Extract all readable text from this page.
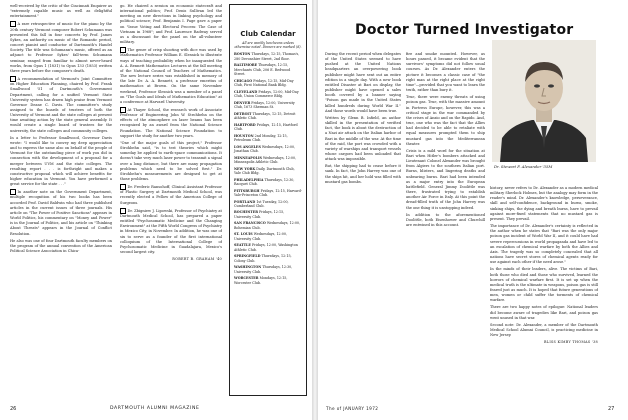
well-received by the critic of the Cincinnati Enquirer as "extremely capable music as well as delightful entertainment."

A rare retrospective of music for the piano by the 20th century Vermont composer Robert Schumann was presented this fall in four concerts by Prof. James Sykes, an authority on music of the Romantic period, concert pianist and conductor of Dartmouth's Handel Society. The title was Schumann's music, offered as an adjunct to Professor Sykes' fall-term Schumann seminar, ranged from familiar to almost never-heard works, from Opus 1 (1831) to Opus 133 (1853) written three years before the composer's death.

A recommendation of Vermont's Joint Committee on Higher Education Planning, chaired by Prof. Frank Smallwood '51 of Dartmouth's Government Department, calling for a unified Vermont State University system has drawn high praise from Vermont Governor Deane C. Davis. The committee's study assigned to the boards of trustees of both the University of Vermont and the state colleges at present time awaiting action by the state general assembly. It would create a single board of trustees for the university, the state colleges and community colleges.

In a letter to Professor Smallwood, Governor Davis wrote: "I would like to convey my deep appreciation and to express the same also on behalf of the people of Vermont for the outstanding piece of work you did in connection with the development of a proposal for a merger between UVM and the state colleges. The resulting report . . . is forthright and makes a constructive proposal which will achieve benefits for higher education in Vermont. You have performed a great service for the state . . ."

In another note on the Government Department, multiple recognition of his two books has been accorded Prof. David Baldwin who had three published articles in the current issues of three journals. His article on "The Power of Positive Sanctions" appears in World Politics, his commentary on "Money and Power" is in the Journal of Politics, and his article on "Thinking About Threats" appears in the Journal of Conflict Resolution.

He also was one of four Dartmouth faculty members on the program of the annual convention of the American Political Science Association in Chica-

go. He chaired a session on economic statecraft and international politics; Prof. Denis Sullivan led the meeting on new directions in linking psychology and political science; Prof. Benjamin I. Page gave a paper on "Issue Voting and Electoral Process: The Case of Vietnam in 1968"; and Prof. Laurence Radway served as a discussant for the panel on the all-volunteer military.

The genre of crisp shooting with dice was used by Mathematics Professor William E. Slesnick to illustrate ways of teaching probability when he inaugurated the A. A. Bennett Mathematics Lectures at the fall meeting of the National Council of Teachers of Mathematics. The new lecture series was established in memory of the late Dr. A. A. Bennett, a professor emeritus of mathematics at Brown. On the same November weekend, Professor Slesnick was a member of a panel on "The Goals and Ideals of Mathematics Education" at a conference at Harvard University.

At Thayer School, the research work of Associate Professor of Engineering John W. Strohbehn on the effects of the atmosphere on laser beams has been recognized by an award from the National Science Foundation. The National Science Foundation to support the study for another two years.

"One of the major goals of this project," Professor Strohbehn said, "is to test theories which might someday be applied to earth-space communications. It doesn't take very much laser power to transmit a signal over a long distance, but there are many propagation problems which need to be solved first." Dr. Strohbehn's measurements are designed to get at those problems.

Dr. Frederic Ransohoff, Clinical Assistant Professor of Plastic Surgery at Dartmouth Medical School, was recently elected a Fellow of the American College of Surgeons.

Dr. Zbigniew J. Lipowski, Professor of Psychiatry at Dartmouth Medical School, has prepared a paper entitled "Psychosomatic Medicine and the Changing Environment" at the Fifth World Congress of Psychiatry in Mexico City, in November. In addition, he was one of six to serve as a founder of the first international colloquium of the International College of Psychosomatic Medicine in Guadalajara, Mexico's second largest city.

ROBERT B. GRAHAM '40

Club Calendar
All are weekly luncheons unless otherwise noted. Dinners are marked (d).
BOSTON Thursdays, 12:15, Thomas's, 280 Devonshire Street, 2nd floor.
BALTIMORE Thursdays, 12:15, Merchants Club, 206 E. Redwood Street.
CHICAGO Fridays, 12:15, Mid-Day Club, First National Bank Bldg.
CLEVELAND Fridays, 12:00, Mid-Day Club, Union Commerce Bldg.
DENVER Fridays, 12:00, University Club, 1673 Sherman St.
DETROIT Thursdays, 12:15, Detroit Athletic Club.
HARTFORD Fridays, 12:15, Hartford Club.
HOUSTON 2nd Monday, 12:15, Petroleum Club.
LOS ANGELES Wednesdays, 12:00, Jonathan Club.
MINNEAPOLIS Wednesdays, 12:00, Minneapolis Athletic Club.
NEW YORK Daily, Dartmouth Club, Yale Club Bldg.
PHILADELPHIA Thursdays, 12:30, Racquet Club.
PITTSBURGH Fridays, 12:15, Harvard-Yale-Princeton Club.
PORTLAND 1st Tuesday, 12:00, Cumberland Club.
ROCHESTER Fridays, 12:15, University Club.
SAN FRANCISCO Wednesdays, 12:00, Bohemian Club.
ST. LOUIS Wednesdays, 12:00, University Club.
SEATTLE Fridays, 12:00, Washington Athletic Club.
SPRINGFIELD Thursdays, 12:15, Colony Club.
WASHINGTON Thursdays, 12:30, University Club.
WORCESTER Mondays, 12:15, Worcester Club.
26	DARTMOUTH ALUMNI MAGAZINE
Doctor Turned Investigator

During the recent period when delegates of the United States seemed to have pushed at the United Nations headquarters an overpowering book publisher might have sent out an entire edition in a single day. With a new book entitled Disaster at Bari on display, the publisher might have opened a sales booth covered by a banner saying "Poison gas made in the United States killed hundreds during World War II." And those words would have been true.

Written by Glenn B. Infield, an author skilled in the presentation of verified fact, the book is about the destruction of a Nazi air attack on the Italian harbor of Bari in the middle of the war. At the time of the raid, the port was crowded with a variety of warships and transport vessels whose cargoes had been unloaded that attack was impossible.

But, the shipping had to cease before it sank. In fact, the John Harvey was one of the ships hit, and her hold was filled with mustard gas bombs.

fire and smoke mounted. However, as hours passed, it became evident that the survivors' symptoms did not follow usual courses. As Dr. Alexander enters the picture it becomes a classic case of "the right man at the right place at the right time"—provided that you want to learn the truth, rather than bury it.

True, there were enemy threats of using poison gas. True, with the massive amount in Fortress Europe, however, this was a critical stage in the war commanded by the crises of Anzio and on the Rapido. And, true, one who was the fact that the Allies had decided to be able to retaliate with equal measures prompted them to ship mustard gas into the Mediterranean theater.

Crisis is a mild word for the situation at Bari when Hitler's bombers attacked and Lieutenant Colonel Alexander was brought from Algiers to the southern Italian port. Burns, blisters, and lingering deaths and unbearing burns. Bari had been intended as a major entry into the European battlefield. General Jimmy Doolittle was there, frustrated trying to establish another Air Force in Italy. At this point the dread-filled truth of the John Harvey was the one thing it is unstopping indeed.

In addition to the aforementioned Doolittle, both Eisenhower and Churchill are entwined in this account.

Dr. Stewart F. Alexander '35M

history, never refers to Dr. Alexander as a modern medical military Sherlock Holmes, but the analogy may form in the reader's mind. Dr. Alexander's knowledge, perseverance, skill and self-confidence, background in burns, smoke, sinking ships, the dying and breath burns, have to prevail against more-fixed statements that no mustard gas is present. They prevail.

The importance of Dr. Alexander's certainty is reflected in the author when he states that "Bari was the only major poison gas incident of World War II, and it could have had severe repercussions in world propaganda and have led to an escalation of chemical warfare by both the Allies and Axis. The tragedy was so completely concealed that all nations have secret stores of chemical agents ready for use against each other if the need arose."

In the minds of their leaders, alive. The victims of Bari, both those who died and those who survived, learned the horrors of chemical warfare first. It is set up when the medical truth is the ultimate in weapons, poison gas is still feared just as much. It is hoped that future generations of men, women or child suffer the torments of chemical warfare.

There are two happy notes of epilogue: National leaders did become aware of tragedies like Bari, and poison gas went unused in that war.

Second note: Dr. Alexander, a member of the Dartmouth Medical School Alumni Council, is practicing medicine in New Jersey.

BLISS KIMBY THOMAS '38

The of JANUARY 1972	27
